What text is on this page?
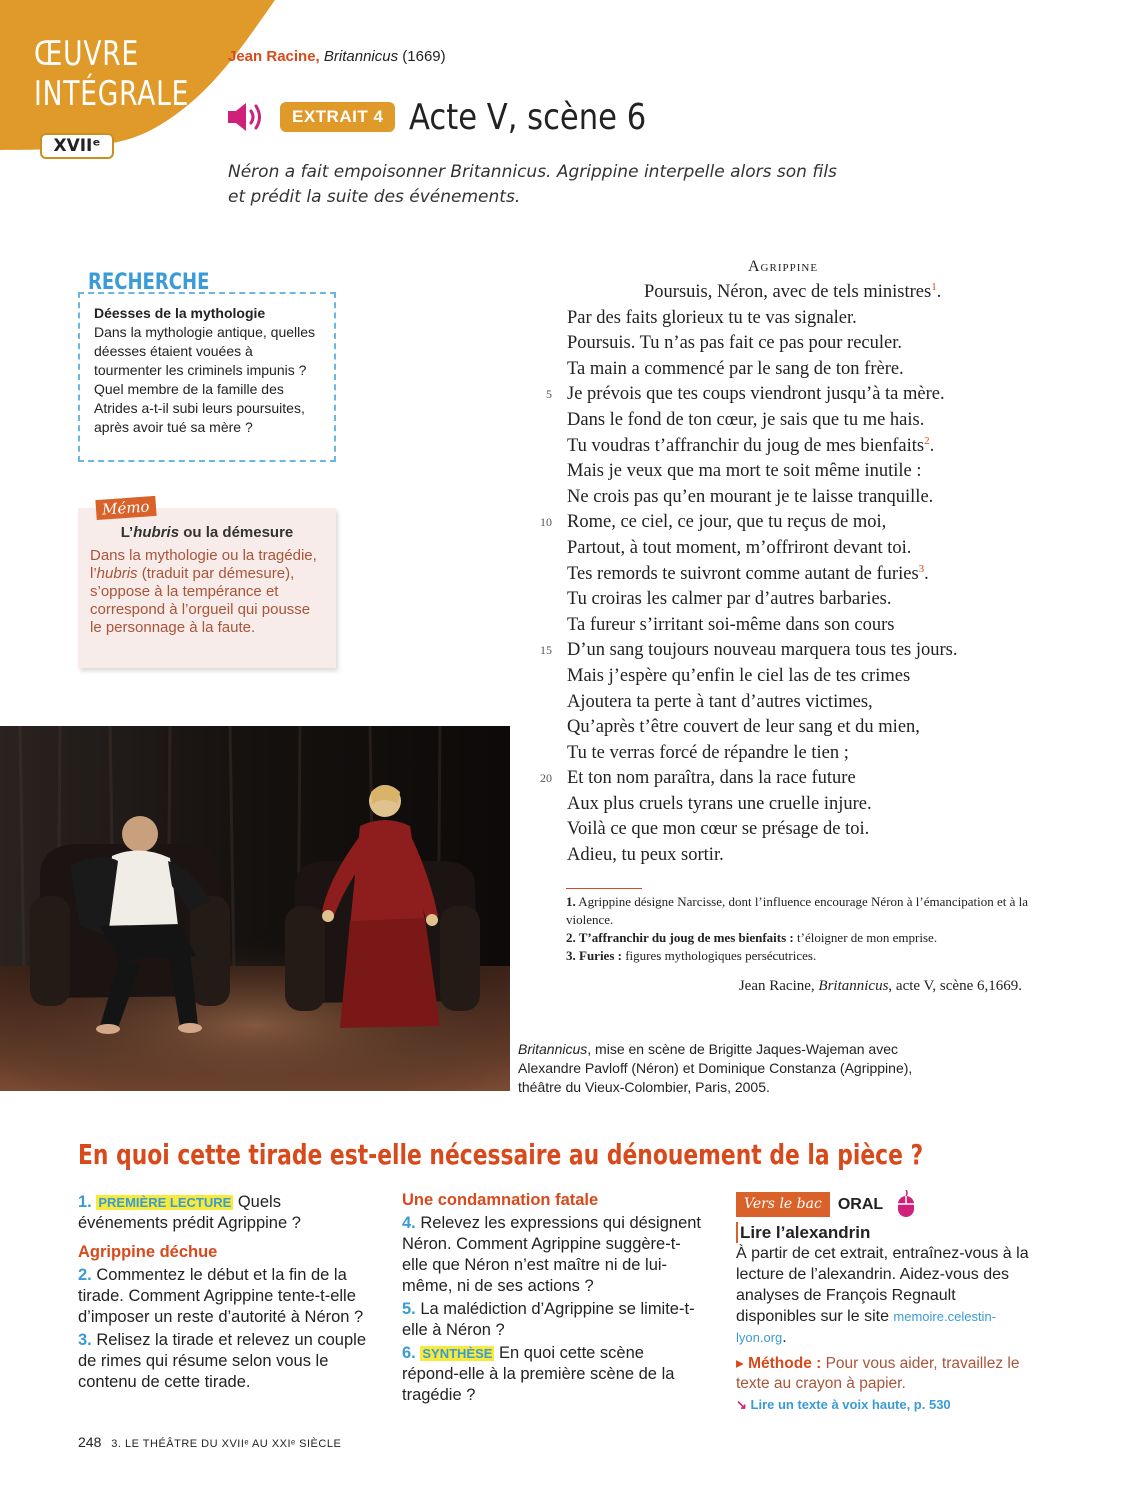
ŒUVRE
INTÉGRALE
XVIIᵉ
Jean Racine, Britannicus (1669)
EXTRAIT 4 Acte V, scène 6
Néron a fait empoisonner Britannicus. Agrippine interpelle alors son fils
et prédit la suite des événements.
RECHERCHE
Déesses de la mythologie
Dans la mythologie antique, quelles déesses étaient vouées à tourmenter les criminels impunis ? Quel membre de la famille des Atrides a-t-il subi leurs poursuites, après avoir tué sa mère ?
Mémo
L’hubris ou la démesure
Dans la mythologie ou la tragédie, l’hubris (traduit par démesure), s’oppose à la tempérance et correspond à l’orgueil qui pousse le personnage à la faute.
Agrippine
Poursuis, Néron, avec de tels ministres$^1$.
Par des faits glorieux tu te vas signaler.
Poursuis. Tu n’as pas fait ce pas pour reculer.
Ta main a commencé par le sang de ton frère.
5 Je prévois que tes coups viendront jusqu’à ta mère.
Dans le fond de ton cœur, je sais que tu me hais.
Tu voudras t’affranchir du joug de mes bienfaits$^2$.
Mais je veux que ma mort te soit même inutile :
Ne crois pas qu’en mourant je te laisse tranquille.
10 Rome, ce ciel, ce jour, que tu reçus de moi,
Partout, à tout moment, m’offriront devant toi.
Tes remords te suivront comme autant de furies$^3$.
Tu croiras les calmer par d’autres barbaries.
Ta fureur s’irritant soi-même dans son cours
15 D’un sang toujours nouveau marquera tous tes jours.
Mais j’espère qu’enfin le ciel las de tes crimes
Ajoutera ta perte à tant d’autres victimes,
Qu’après t’être couvert de leur sang et du mien,
Tu te verras forcé de répandre le tien ;
20 Et ton nom paraîtra, dans la race future
Aux plus cruels tyrans une cruelle injure.
Voilà ce que mon cœur se présage de toi.
Adieu, tu peux sortir.
1. Agrippine désigne Narcisse, dont l’influence encourage Néron à l’émancipation et à la violence.
2. T’affranchir du joug de mes bienfaits : t’éloigner de mon emprise.
3. Furies : figures mythologiques persécutrices.
Jean Racine, Britannicus, acte V, scène 6,1669.
Britannicus, mise en scène de Brigitte Jaques-Wajeman avec Alexandre Pavloff (Néron) et Dominique Constanza (Agrippine), théâtre du Vieux-Colombier, Paris, 2005.
En quoi cette tirade est-elle nécessaire au dénouement de la pièce ?
1. PREMIÈRE LECTURE Quels événements prédit Agrippine ?
Agrippine déchue
2. Commentez le début et la fin de la tirade. Comment Agrippine tente-t-elle d’imposer un reste d’autorité à Néron ?
3. Relisez la tirade et relevez un couple de rimes qui résume selon vous le contenu de cette tirade.
Une condamnation fatale
4. Relevez les expressions qui désignent Néron. Comment Agrippine suggère-t-elle que Néron n’est maître ni de lui-même, ni de ses actions ?
5. La malédiction d’Agrippine se limite-t-elle à Néron ?
6. SYNTHÈSE En quoi cette scène répond-elle à la première scène de la tragédie ?
Vers le bac	ORAL
Lire l’alexandrin
À partir de cet extrait, entraînez-vous à la lecture de l’alexandrin. Aidez-vous des analyses de François Regnault disponibles sur le site memoire.celestin-lyon.org.
▸ Méthode : Pour vous aider, travaillez le texte au crayon à papier.
↘ Lire un texte à voix haute, p. 530
248 3. LE THÉÂTRE DU XVIIᵉ AU XXIᵉ SIÈCLE
